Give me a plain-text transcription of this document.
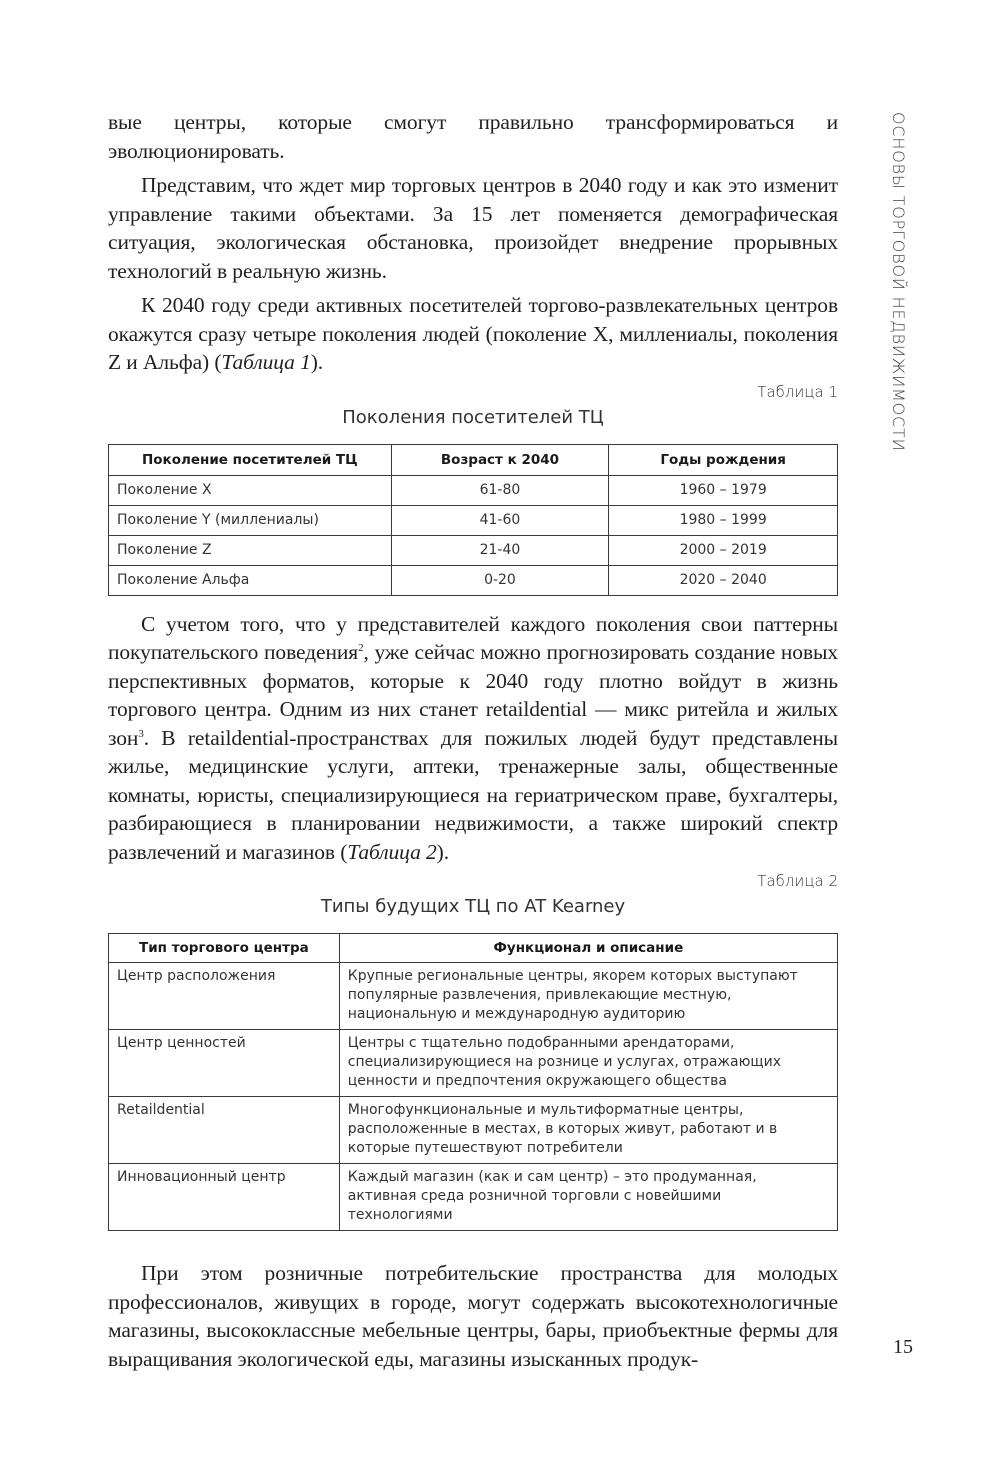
ОСНОВЫ ТОРГОВОЙ НЕДВИЖИМОСТИ

вые центры, которые смогут правильно трансформироваться и эволюционировать.

Представим, что ждет мир торговых центров в 2040 году и как это изменит управление такими объектами. За 15 лет поменяется демографическая ситуация, экологическая обстановка, произойдет внедрение прорывных технологий в реальную жизнь.

К 2040 году среди активных посетителей торгово-развлекательных центров окажутся сразу четыре поколения людей (поколение X, миллениалы, поколения Z и Альфа) (Таблица 1).

Таблица 1

Поколения посетителей ТЦ

Поколение посетителей ТЦ	Возраст к 2040	Годы рождения
Поколение X	61-80	1960 – 1979
Поколение Y (миллениалы)	41-60	1980 – 1999
Поколение Z	21-40	2000 – 2019
Поколение Альфа	0-20	2020 – 2040

С учетом того, что у представителей каждого поколения свои паттерны покупательского поведения$^2$, уже сейчас можно прогнозировать создание новых перспективных форматов, которые к 2040 году плотно войдут в жизнь торгового центра. Одним из них станет retaildential — микс ритейла и жилых зон$^3$. В retaildential-пространствах для пожилых людей будут представлены жилье, медицинские услуги, аптеки, тренажерные залы, общественные комнаты, юристы, специализирующиеся на гериатрическом праве, бухгалтеры, разбирающиеся в планировании недвижимости, а также широкий спектр развлечений и магазинов (Таблица 2).

Таблица 2

Типы будущих ТЦ по AT Kearney

Тип торгового центра	Функционал и описание
Центр расположения	Крупные региональные центры, якорем которых выступают популярные развлечения, привлекающие местную, национальную и международную аудиторию
Центр ценностей	Центры с тщательно подобранными арендаторами, специализирующиеся на рознице и услугах, отражающих ценности и предпочтения окружающего общества
Retaildential	Многофункциональные и мультиформатные центры, расположенные в местах, в которых живут, работают и в которые путешествуют потребители
Инновационный центр	Каждый магазин (как и сам центр) – это продуманная, активная среда розничной торговли с новейшими технологиями

При этом розничные потребительские пространства для молодых профессионалов, живущих в городе, могут содержать высокотехнологичные магазины, высококлассные мебельные центры, бары, приобъектные фермы для выращивания экологической еды, магазины изысканных продук-	15
